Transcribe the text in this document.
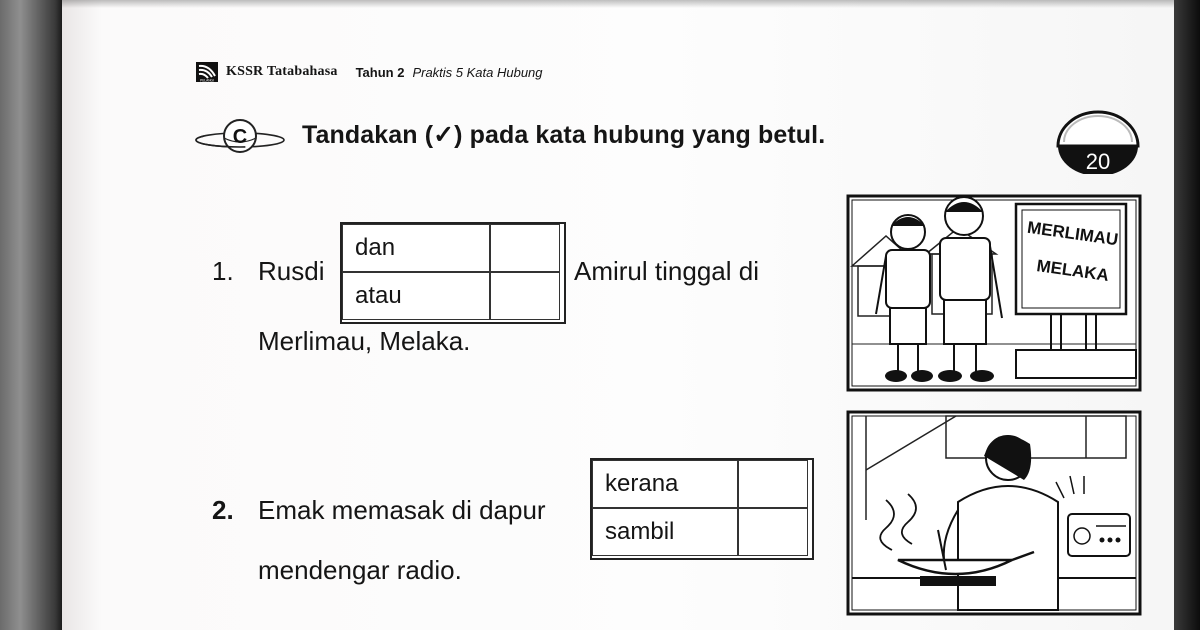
PELANGI
KSSR Tatabahasa Tahun 2 Praktis 5 Kata Hubung
C Tandakan (✓) pada kata hubung yang betul.
20
1. Rusdi
dan
atau
Amirul tinggal di
Merlimau, Melaka.
2. Emak memasak di dapur
kerana
sambil
mendengar radio.
MERLIMAU
MELAKA
